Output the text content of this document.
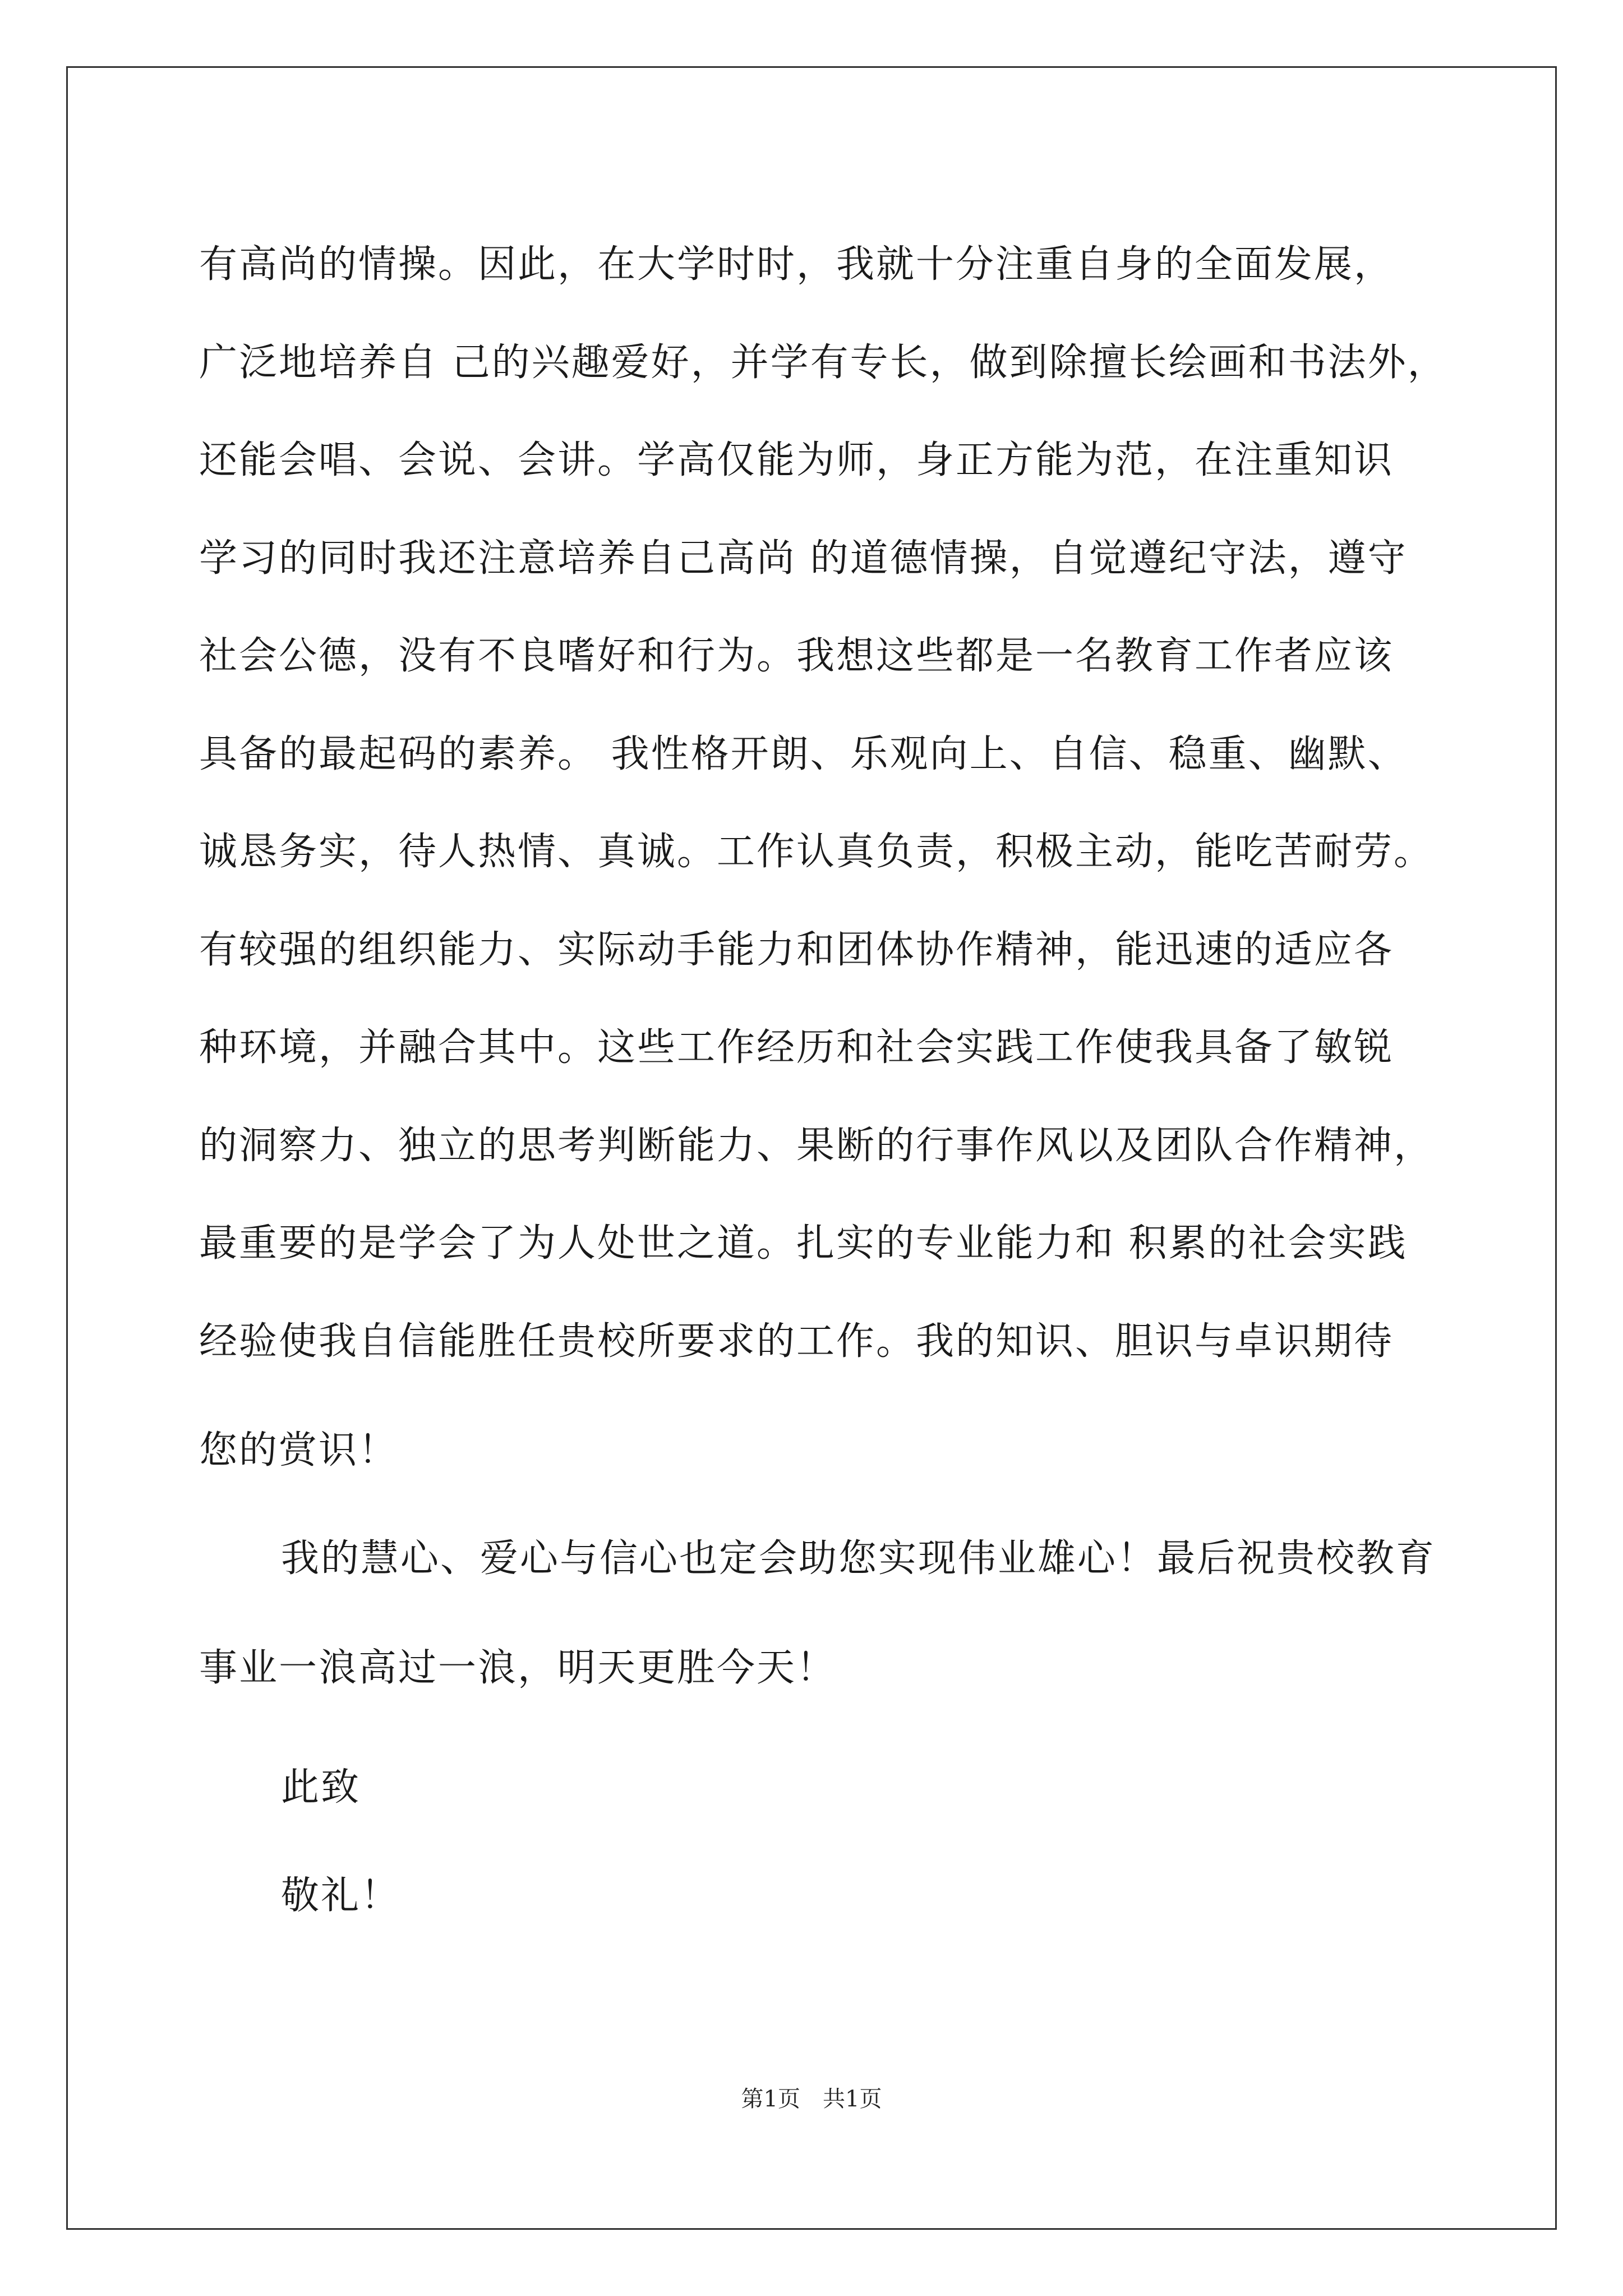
有高尚的情操。因此，在大学时时，我就十分注重自身的全面发展，
广泛地培养自 己的兴趣爱好，并学有专长，做到除擅长绘画和书法外，
还能会唱、会说、会讲。学高仅能为师，身正方能为范，在注重知识
学习的同时我还注意培养自己高尚 的道德情操，自觉遵纪守法，遵守
社会公德，没有不良嗜好和行为。我想这些都是一名教育工作者应该
具备的最起码的素养。 我性格开朗、乐观向上、自信、稳重、幽默、
诚恳务实，待人热情、真诚。工作认真负责，积极主动，能吃苦耐劳。
有较强的组织能力、实际动手能力和团体协作精神，能迅速的适应各
种环境，并融合其中。这些工作经历和社会实践工作使我具备了敏锐
的洞察力、独立的思考判断能力、果断的行事作风以及团队合作精神，
最重要的是学会了为人处世之道。扎实的专业能力和 积累的社会实践
经验使我自信能胜任贵校所要求的工作。我的知识、胆识与卓识期待
您的赏识！
我的慧心、爱心与信心也定会助您实现伟业雄心！最后祝贵校教育
事业一浪高过一浪，明天更胜今天！
此致
敬礼！
第1页　共1页
